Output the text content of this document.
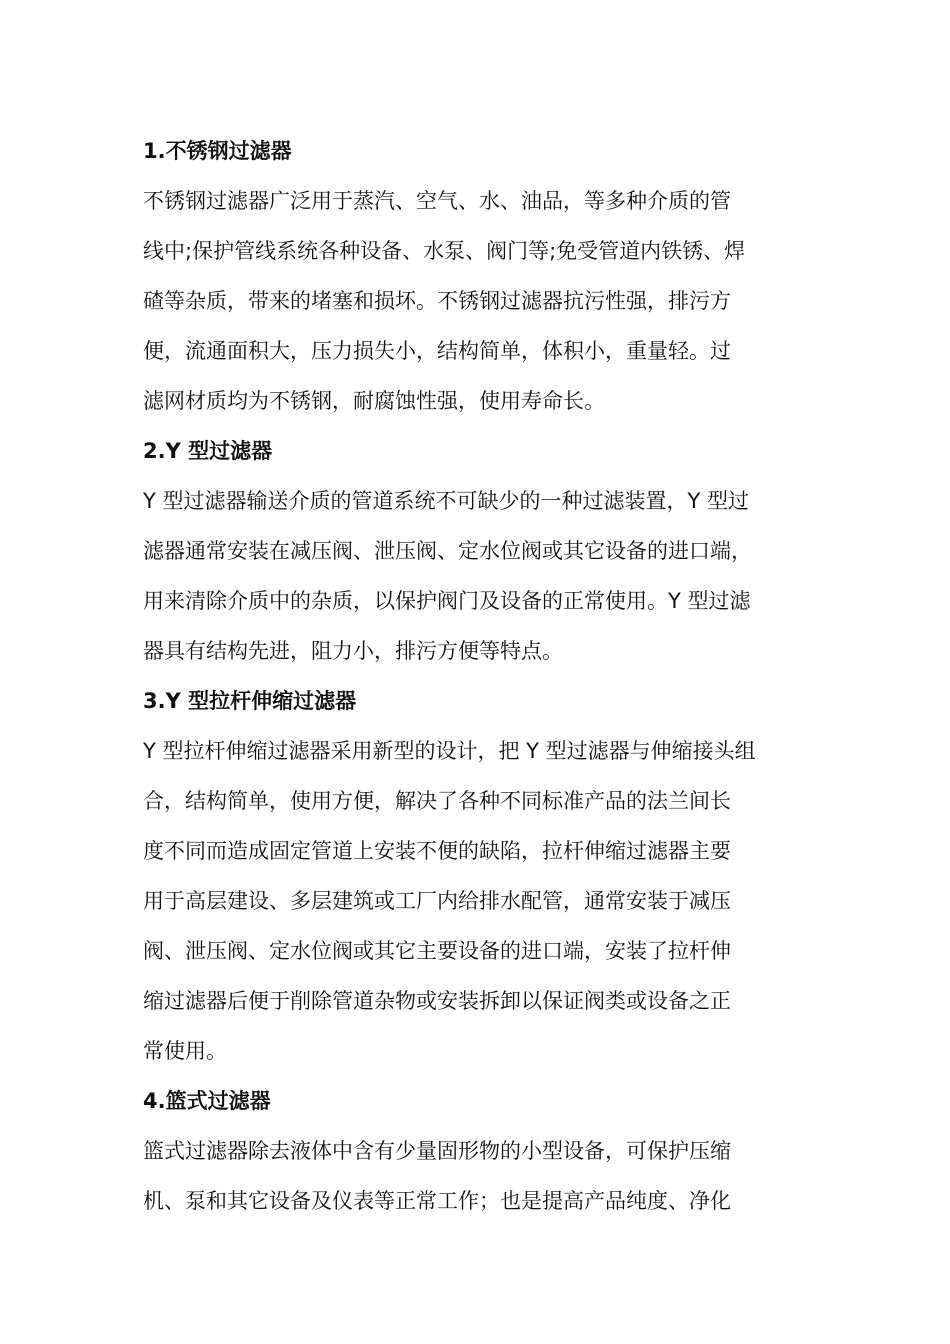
1.不锈钢过滤器
不锈钢过滤器广泛用于蒸汽、空气、水、油品，等多种介质的管
线中;保护管线系统各种设备、水泵、阀门等;免受管道内铁锈、焊
碴等杂质，带来的堵塞和损坏。不锈钢过滤器抗污性强，排污方
便，流通面积大，压力损失小，结构简单，体积小，重量轻。过
滤网材质均为不锈钢，耐腐蚀性强，使用寿命长。
2.Y 型过滤器
Y 型过滤器输送介质的管道系统不可缺少的一种过滤装置，Y 型过
滤器通常安装在减压阀、泄压阀、定水位阀或其它设备的进口端，
用来清除介质中的杂质，以保护阀门及设备的正常使用。Y 型过滤
器具有结构先进，阻力小，排污方便等特点。
3.Y 型拉杆伸缩过滤器
Y 型拉杆伸缩过滤器采用新型的设计，把 Y 型过滤器与伸缩接头组
合，结构简单，使用方便，解决了各种不同标准产品的法兰间长
度不同而造成固定管道上安装不便的缺陷，拉杆伸缩过滤器主要
用于高层建设、多层建筑或工厂内给排水配管，通常安装于减压
阀、泄压阀、定水位阀或其它主要设备的进口端，安装了拉杆伸
缩过滤器后便于削除管道杂物或安装拆卸以保证阀类或设备之正
常使用。
4.篮式过滤器
篮式过滤器除去液体中含有少量固形物的小型设备，可保护压缩
机、泵和其它设备及仪表等正常工作；也是提高产品纯度、净化
